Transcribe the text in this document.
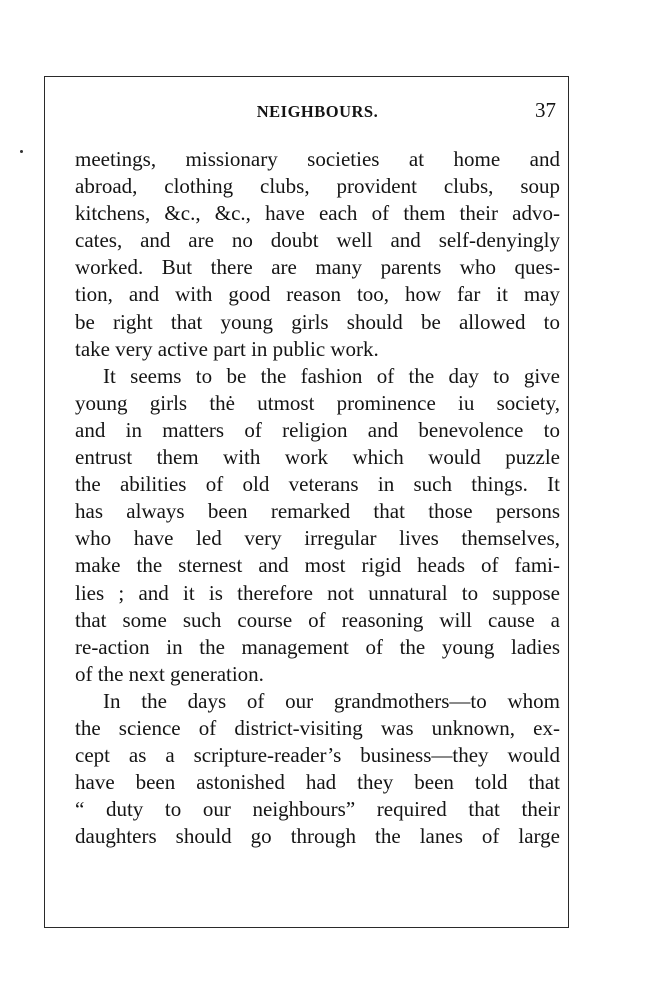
NEIGHBOURS.	37
meetings, missionary societies at home and
abroad, clothing clubs, provident clubs, soup
kitchens, &c., &c., have each of them their advo-
cates, and are no doubt well and self-denyingly
worked. But there are many parents who ques-
tion, and with good reason too, how far it may
be right that young girls should be allowed to
take very active part in public work.
It seems to be the fashion of the day to give
young girls thė utmost prominence iu society,
and in matters of religion and benevolence to
entrust them with work which would puzzle
the abilities of old veterans in such things. It
has always been remarked that those persons
who have led very irregular lives themselves,
make the sternest and most rigid heads of fami-
lies ; and it is therefore not unnatural to suppose
that some such course of reasoning will cause a
re-action in the management of the young ladies
of the next generation.
In the days of our grandmothers—to whom
the science of district-visiting was unknown, ex-
cept as a scripture-reader’s business—they would
have been astonished had they been told that
“ duty to our neighbours” required that their
daughters should go through the lanes of large
